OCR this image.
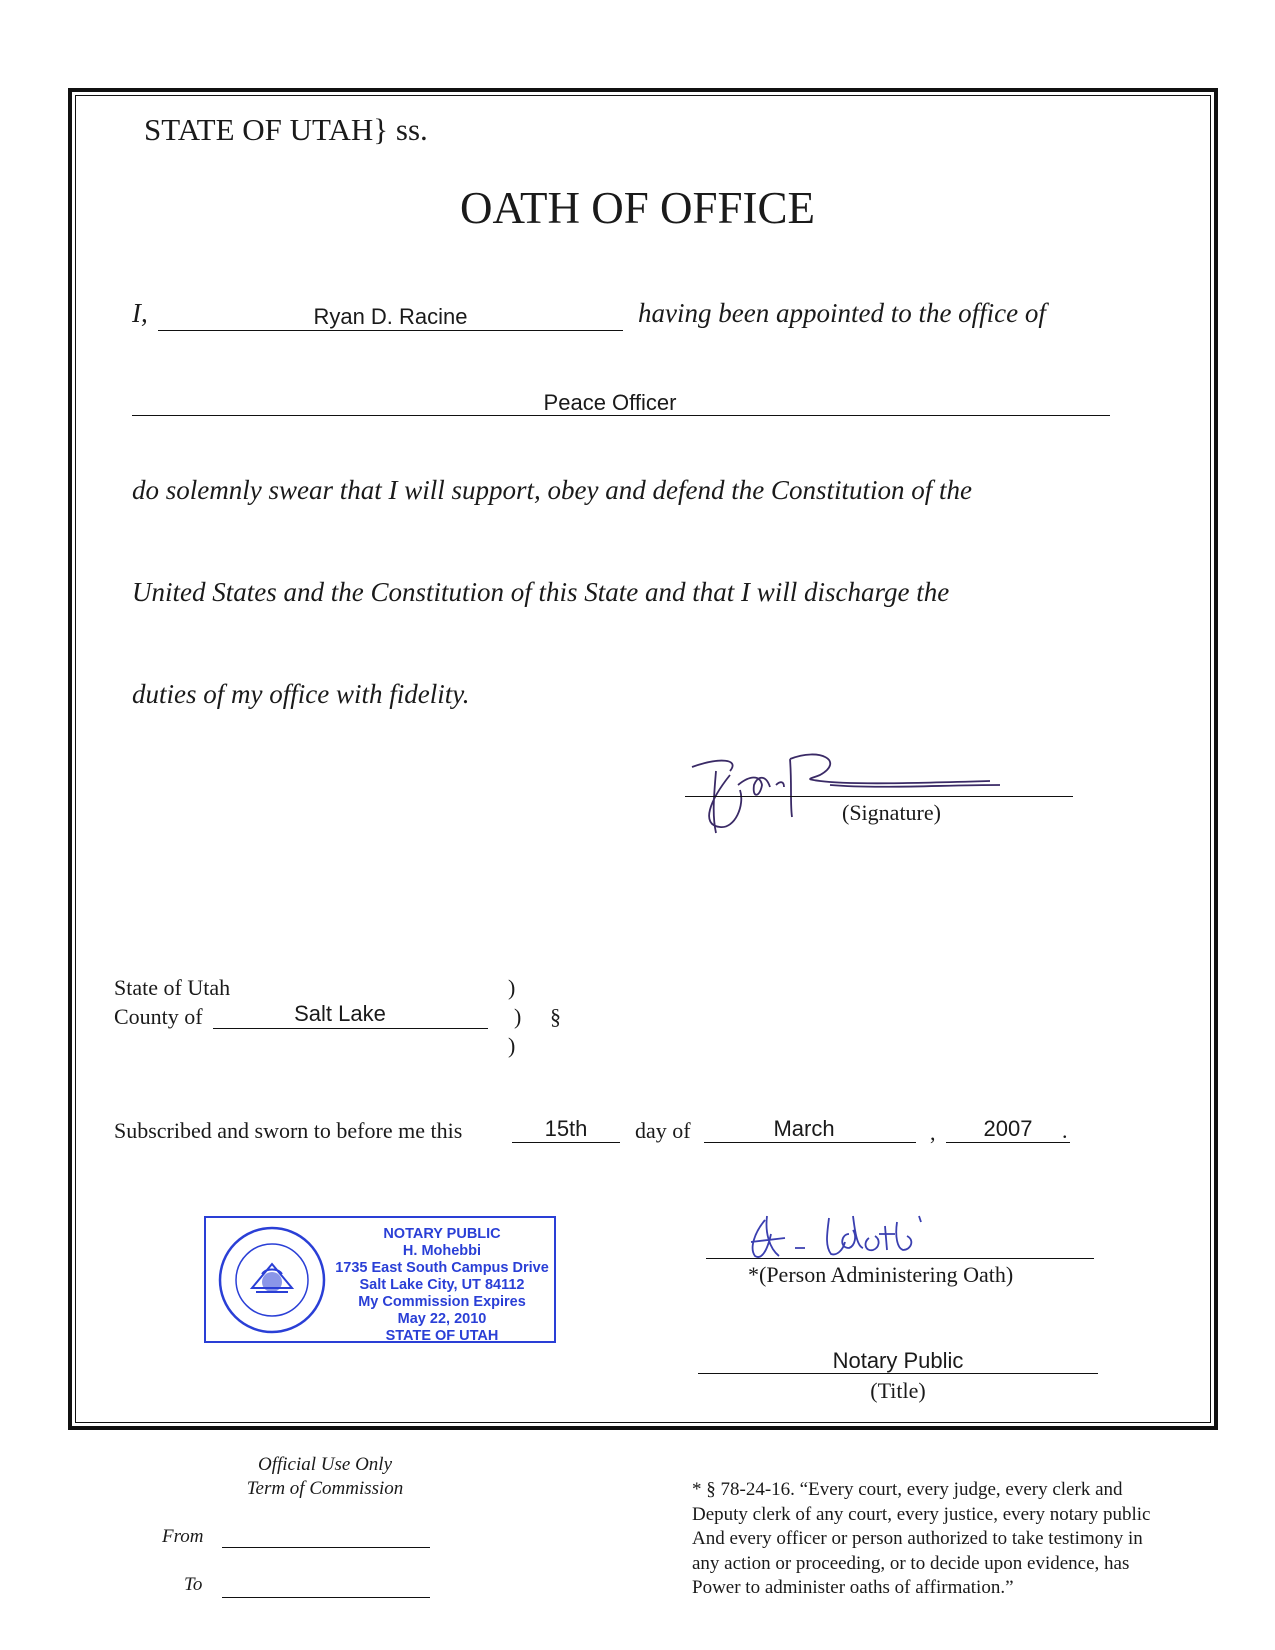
STATE OF UTAH} ss.
OATH OF OFFICE
I,	Ryan D. Racine	having been appointed to the office of
Peace Officer
do solemnly swear that I will support, obey and defend the Constitution of the
United States and the Constitution of this State and that I will discharge the
duties of my office with fidelity.
(Signature)
State of Utah
County of	Salt Lake
)
)
)
§
Subscribed and sworn to before me this	15th	day of	March	,	2007	.
NOTARY PUBLIC
H. Mohebbi
1735 East South Campus Drive
Salt Lake City, UT 84112
My Commission Expires
May 22, 2010
STATE OF UTAH
*(Person Administering Oath)
Notary Public
(Title)
Official Use Only
Term of Commission
From
To
* § 78-24-16. “Every court, every judge, every clerk and
Deputy clerk of any court, every justice, every notary public
And every officer or person authorized to take testimony in
any action or proceeding, or to decide upon evidence, has
Power to administer oaths of affirmation.”
